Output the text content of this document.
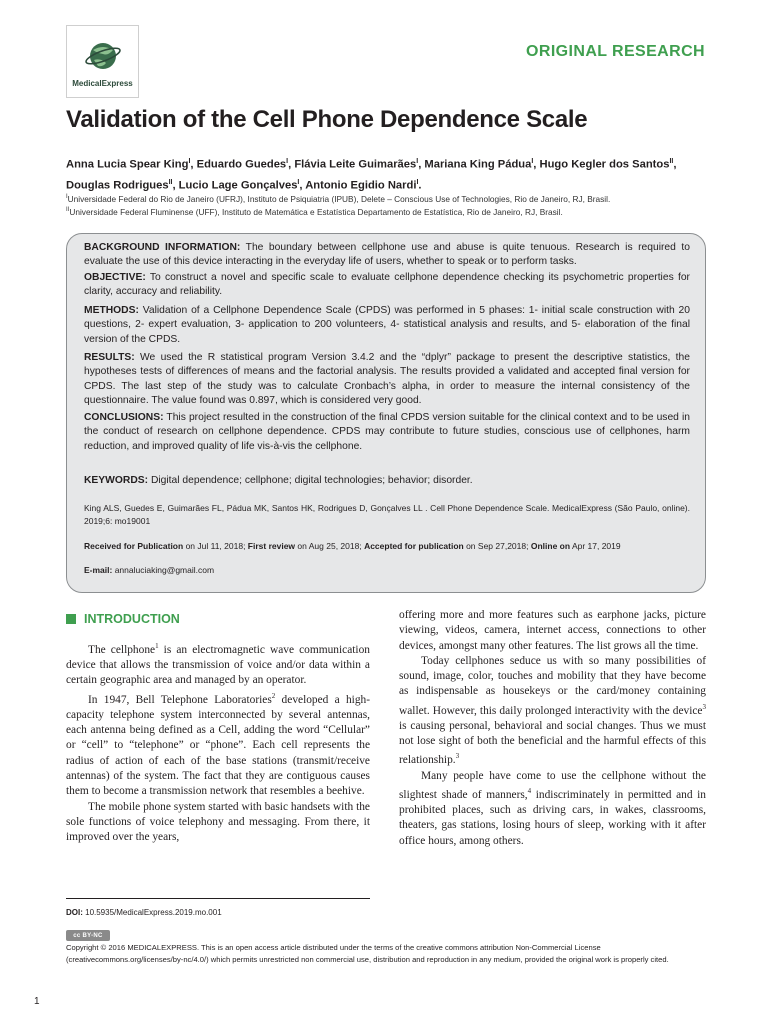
MedicalExpress
ORIGINAL RESEARCH
Validation of the Cell Phone Dependence Scale
Anna Lucia Spear King$^I$, Eduardo Guedes$^I$, Flávia Leite Guimarães$^I$, Mariana King Pádua$^I$, Hugo Kegler dos Santos$^{II}$,
Douglas Rodrigues$^{II}$, Lucio Lage Gonçalves$^I$, Antonio Egidio Nardi$^I$.
$^I$Universidade Federal do Rio de Janeiro (UFRJ), Instituto de Psiquiatria (IPUB), Delete – Conscious Use of Technologies, Rio de Janeiro, RJ, Brasil.
$^{II}$Universidade Federal Fluminense (UFF), Instituto de Matemática e Estatística Departamento de Estatística, Rio de Janeiro, RJ, Brasil.
BACKGROUND INFORMATION: The boundary between cellphone use and abuse is quite tenuous. Research is required to evaluate the use of this device interacting in the everyday life of users, whether to speak or to perform tasks.
OBJECTIVE: To construct a novel and specific scale to evaluate cellphone dependence checking its psychometric properties for clarity, accuracy and reliability.
METHODS: Validation of a Cellphone Dependence Scale (CPDS) was performed in 5 phases: 1- initial scale construction with 20 questions, 2- expert evaluation, 3- application to 200 volunteers, 4- statistical analysis and results, and 5- elaboration of the final version of the CPDS.
RESULTS: We used the R statistical program Version 3.4.2 and the “dplyr” package to present the descriptive statistics, the hypotheses tests of differences of means and the factorial analysis. The results provided a validated and accepted final version for CPDS. The last step of the study was to calculate Cronbach’s alpha, in order to measure the internal consistency of the questionnaire. The value found was 0.897, which is considered very good.
CONCLUSIONS: This project resulted in the construction of the final CPDS version suitable for the clinical context and to be used in the conduct of research on cellphone dependence. CPDS may contribute to future studies, conscious use of cellphones, harm reduction, and improved quality of life vis-à-vis the cellphone.
KEYWORDS: Digital dependence; cellphone; digital technologies; behavior; disorder.
King ALS, Guedes E, Guimarães FL, Pádua MK, Santos HK, Rodrigues D, Gonçalves LL . Cell Phone Dependence Scale. MedicalExpress (São Paulo, online). 2019;6: mo19001
Received for Publication on Jul 11, 2018; First review on Aug 25, 2018; Accepted for publication on Sep 27,2018; Online on Apr 17, 2019
E-mail: annaluciaking@gmail.com
INTRODUCTION

The cellphone$^1$ is an electromagnetic wave communication device that allows the transmission of voice and/or data within a certain geographic area and managed by an operator.

In 1947, Bell Telephone Laboratories$^2$ developed a high-capacity telephone system interconnected by several antennas, each antenna being defined as a Cell, adding the word “Cellular” or “cell” to “telephone” or “phone”. Each cell represents the radius of action of each of the base stations (transmit/receive antennas) of the system. The fact that they are contiguous causes them to become a transmission network that resembles a beehive.

The mobile phone system started with basic handsets with the sole functions of voice telephony and messaging. From there, it improved over the years,

offering more and more features such as earphone jacks, picture viewing, videos, camera, internet access, connections to other devices, amongst many other features. The list grows all the time.

Today cellphones seduce us with so many possibilities of sound, image, color, touches and mobility that they have become as indispensable as housekeys or the card/money containing wallet. However, this daily prolonged interactivity with the device$^3$ is causing personal, behavioral and social changes. Thus we must not lose sight of both the beneficial and the harmful effects of this relationship.$^3$

Many people have come to use the cellphone without the slightest shade of manners,$^4$ indiscriminately in permitted and in prohibited places, such as driving cars, in wakes, classrooms, theaters, gas stations, losing hours of sleep, working with it after office hours, among others.

DOI: 10.5935/MedicalExpress.2019.mo.001
cc BY-NC
Copyright © 2016 MEDICALEXPRESS. This is an open access article distributed under the terms of the creative commons attribution Non-Commercial License (creativecommons.org/licenses/by-nc/4.0/) which permits unrestricted non commercial use, distribution and reproduction in any medium, provided the original work is properly cited.
1
